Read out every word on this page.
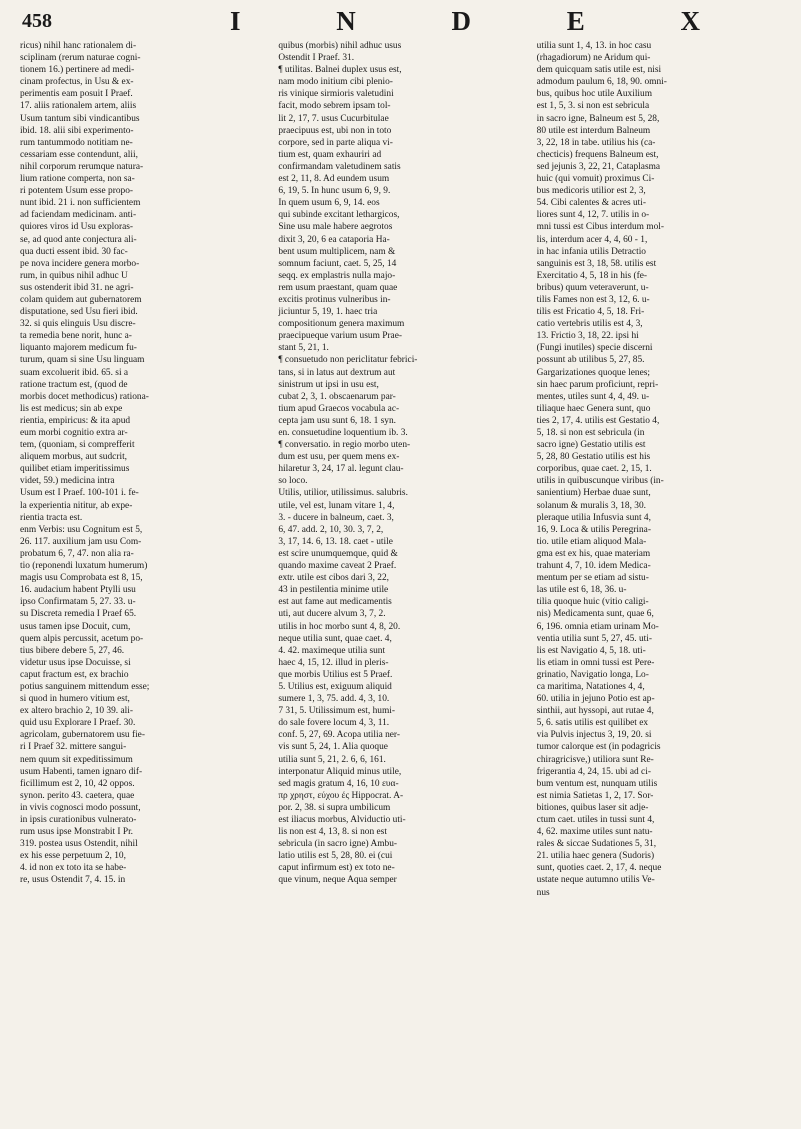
458	I	N	D	E	X

ricus) nihil hanc rationalem di-
sciplinam (rerum naturae cogni-
tionem 16.) pertinere ad medi-
cinam profectus, in Usu & ex-
perimentis eam posuit I Praef.
17. aliis rationalem artem, aliis
Usum tantum sibi vindicantibus
ibid. 18. alii sibi experimento-
rum tantummodo notitiam ne-
cessariam esse contendunt, alii,
nihil corporum rerumque natura-
lium ratione comperta, non sa-
ri potentem Usum esse propo-
nunt ibid. 21 i. non sufficientem
ad faciendam medicinam. anti-
quiores viros id Usu exploras-
se, ad quod ante conjectura ali-
qua ducti essent ibid. 30 fac-
pe nova incidere genera morbo-
rum, in quibus nihil adhuc U
sus ostenderit ibid 31. ne agri-
colam quidem aut gubernatorem
disputatione, sed Usu fieri ibid.
32. si quis elinguis Usu discre-
ta remedia bene norit, hunc a-
liquanto majorem medicum fu-
turum, quam si sine Usu linguam
suam excoluerit ibid. 65. si a
ratione tractum est, (quod de
morbis docet methodicus) rationa-
lis est medicus; sin ab expe
rientia, empiricus: & ita apud
eum morbi cognitio extra ar-
tem, (quoniam, si comprefferit
aliquem morbus, aut sudcrit,
quilibet etiam imperitissimus
videt, 59.) medicina intra
Usum est I Praef. 100-101 i. fe-
la experientia nititur, ab expe-
rientia tracta est.
enm Verbis: usu Cognitum est 5,
26. 117. auxilium jam usu Com-
probatum 6, 7, 47. non alia ra-
tio (reponendi luxatum humerum)
magis usu Comprobata est 8, 15,
16. audacium habent Ptylli usu
ipso Confirmatam 5, 27. 33. u-
su Discreta remedia I Praef 65.
usus tamen ipse Docuit, cum,
quem alpis percussit, acetum po-
tius bibere debere 5, 27, 46.
videtur usus ipse Docuisse, si
caput fractum est, ex brachio
potius sanguinem mittendum esse;
si quod in humero vitium est,
ex altero brachio 2, 10 39. ali-
quid usu Explorare I Praef. 30.
agricolam, gubernatorem usu fie-
ri I Praef 32. mittere sangui-
nem quum sit expeditissimum
usum Habenti, tamen ignaro dif-
ficillimum est 2, 10, 42 oppos.
synon. perito 43. caetera, quae
in vivis cognosci modo possunt,
in ipsis curationibus vulnerato-
rum usus ipse Monstrabit I Pr.
319. postea usus Ostendit, nihil
ex his esse perpetuum 2, 10,
4. id non ex toto ita se habe-
re, usus Ostendit 7, 4. 15. in

quibus (morbis) nihil adhuc usus
Ostendit I Praef. 31.
¶ utilitas. Balnei duplex usus est,
nam modo initium cibi plenio-
ris vinique sirmioris valetudini
facit, modo sebrem ipsam tol-
lit 2, 17, 7. usus Cucurbitulae
praecipuus est, ubi non in toto
corpore, sed in parte aliqua vi-
tium est, quam exhauriri ad
confirmandam valetudinem satis
est 2, 11, 8. Ad eundem usum
6, 19, 5. In hunc usum 6, 9, 9.
In quem usum 6, 9, 14. eos
qui subinde excitant lethargicos,
Sine usu male habere aegrotos
dixit 3, 20, 6 ea cataporia Ha-
bent usum multiplicem, nam &
somnum faciunt, caet. 5, 25, 14
seqq. ex emplastris nulla majo-
rem usum praestant, quam quae
excitis protinus vulneribus in-
jiciuntur 5, 19, 1. haec tria
compositionum genera maximum
praecipueque varium usum Prae-
stant 5, 21, 1.
¶ consuetudo non periclitatur febrici-
tans, si in latus aut dextrum aut
sinistrum ut ipsi in usu est,
cubat 2, 3, 1. obscaenarum par-
tium apud Graecos vocabula ac-
cepta jam usu sunt 6, 18. 1 syn.
en. consuetudine loquentium ib. 3.
¶ conversatio. in regio morbo uten-
dum est usu, per quem mens ex-
hilaretur 3, 24, 17 al. legunt clau-
so loco.
Utilis, utilior, utilissimus. salubris.
utile, vel est, lunam vitare 1, 4,
3. - ducere in balneum, caet. 3,
6, 47. add. 2, 10, 30. 3, 7, 2,
3, 17, 14. 6, 13. 18. caet - utile
est scire unumquemque, quid &
quando maxime caveat 2 Praef.
extr. utile est cibos dari 3, 22,
43 in pestilentia minime utile
est aut fame aut medicamentis
uti, aut ducere alvum 3, 7, 2.
utilis in hoc morbo sunt 4, 8, 20.
neque utilia sunt, quae caet. 4,
4. 42. maximeque utilia sunt
haec 4, 15, 12. illud in pleris-
que morbis Utilius est 5 Praef.
5. Utilius est, exiguum aliquid
sumere 1, 3, 75. add. 4, 3, 10.
7 31, 5. Utilissimum est, humi-
do sale fovere locum 4, 3, 11.
conf. 5, 27, 69. Acopa utilia ner-
vis sunt 5, 24, 1. Alia quoque
utilia sunt 5, 21, 2. 6, 6, 161.
interponatur Aliquid minus utile,
sed magis gratum 4, 16, 10 ευα-
πρ χρηστ, εύχου ές Hippocrat. A-
por. 2, 38. si supra umbilicum
est iliacus morbus, Alviductio uti-
lis non est 4, 13, 8. si non est
sebricula (in sacro igne) Ambu-
latio utilis est 5, 28, 80. ei (cui
caput infirmum est) ex toto ne-
que vinum, neque Aqua semper

utilia sunt 1, 4, 13. in hoc casu
(rhagadiorum) ne Aridum qui-
dem quicquam satis utile est, nisi
admodum paulum 6, 18, 90. omni-
bus, quibus hoc utile Auxilium
est 1, 5, 3. si non est sebricula
in sacro igne, Balneum est 5, 28,
80 utile est interdum Balneum
3, 22, 18 in tabe. utilius his (ca-
checticis) frequens Balneum est,
sed jejunis 3, 22, 21, Cataplasma
huic (qui vomuit) proximus Ci-
bus medicoris utilior est 2, 3,
54. Cibi calentes & acres uti-
liores sunt 4, 12, 7. utilis in o-
mni tussi est Cibus interdum mol-
lis, interdum acer 4, 4, 60 - 1,
in hac infania utilis Detractio
sanguinis est 3, 18, 58. utilis est
Exercitatio 4, 5, 18 in his (fe-
bribus) quum veteraverunt, u-
tilis Fames non est 3, 12, 6. u-
tilis est Fricatio 4, 5, 18. Fri-
catio vertebris utilis est 4, 3,
13. Frictio 3, 18, 22. ipsi hi
(Fungi inutiles) specie discerni
possunt ab utilibus 5, 27, 85.
Gargarizationes quoque lenes;
sin haec parum proficiunt, repri-
mentes, utiles sunt 4, 4, 49. u-
tiliaque haec Genera sunt, quo
ties 2, 17, 4. utilis est Gestatio 4,
5, 18. si non est sebricula (in
sacro igne) Gestatio utilis est
5, 28, 80 Gestatio utilis est his
corporibus, quae caet. 2, 15, 1.
utilis in quibuscunque viribus (in-
sanientium) Herbae duae sunt,
solanum & muralis 3, 18, 30.
pleraque utilia Infusvia sunt 4,
16, 9. Loca & utilis Peregrina-
tio. utile etiam aliquod Mala-
gma est ex his, quae materiam
trahunt 4, 7, 10. idem Medica-
mentum per se etiam ad sistu-
las utile est 6, 18, 36. u-
tilia quoque huic (vitio caligi-
nis) Medicamenta sunt, quae 6,
6, 196. omnia etiam urinam Mo-
ventia utilia sunt 5, 27, 45. uti-
lis est Navigatio 4, 5, 18. uti-
lis etiam in omni tussi est Pere-
grinatio, Navigatio longa, Lo-
ca maritima, Natationes 4, 4,
60. utilia in jejuno Potio est ap-
sinthii, aut hyssopi, aut rutae 4,
5, 6. satis utilis est quilibet ex
via Pulvis injectus 3, 19, 20. si
tumor calorque est (in podagricis
chiragricisve,) utiliora sunt Re-
frigerantia 4, 24, 15. ubi ad ci-
bum ventum est, nunquam utilis
est nimia Satietas 1, 2, 17. Sor-
bitiones, quibus laser sit adje-
ctum caet. utiles in tussi sunt 4,
4, 62. maxime utiles sunt natu-
rales & siccae Sudationes 5, 31,
21. utilia haec genera (Sudoris)
sunt, quoties caet. 2, 17, 4. neque
ustate neque autumno utilis Ve-
nus
